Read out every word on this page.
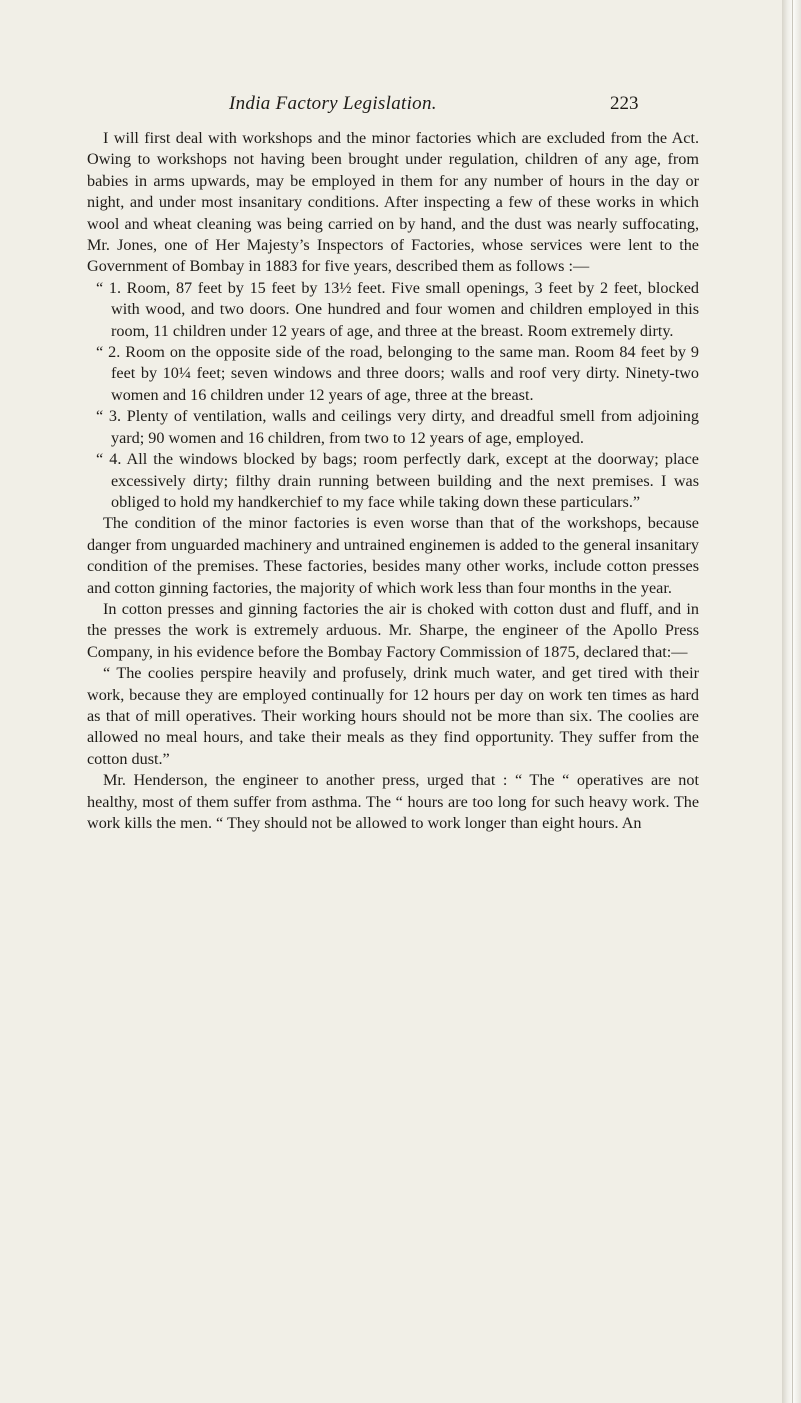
India Factory Legislation.	223

I will first deal with workshops and the minor factories which are excluded from the Act. Owing to workshops not having been brought under regulation, children of any age, from babies in arms upwards, may be employed in them for any number of hours in the day or night, and under most insanitary conditions. After inspecting a few of these works in which wool and wheat cleaning was being carried on by hand, and the dust was nearly suffocating, Mr. Jones, one of Her Majesty’s Inspectors of Factories, whose services were lent to the Government of Bombay in 1883 for five years, described them as follows :—

“ 1. Room, 87 feet by 15 feet by 13½ feet. Five small openings, 3 feet by 2 feet, blocked with wood, and two doors. One hundred and four women and children employed in this room, 11 children under 12 years of age, and three at the breast. Room extremely dirty.

“ 2. Room on the opposite side of the road, belonging to the same man. Room 84 feet by 9 feet by 10¼ feet; seven windows and three doors; walls and roof very dirty. Ninety-two women and 16 children under 12 years of age, three at the breast.

“ 3. Plenty of ventilation, walls and ceilings very dirty, and dreadful smell from adjoining yard; 90 women and 16 children, from two to 12 years of age, employed.

“ 4. All the windows blocked by bags; room perfectly dark, except at the doorway; place excessively dirty; filthy drain running between building and the next premises. I was obliged to hold my handkerchief to my face while taking down these particulars.”

The condition of the minor factories is even worse than that of the workshops, because danger from unguarded machinery and untrained enginemen is added to the general insanitary condition of the premises. These factories, besides many other works, include cotton presses and cotton ginning factories, the majority of which work less than four months in the year.

In cotton presses and ginning factories the air is choked with cotton dust and fluff, and in the presses the work is extremely arduous. Mr. Sharpe, the engineer of the Apollo Press Company, in his evidence before the Bombay Factory Commission of 1875, declared that:—

“ The coolies perspire heavily and profusely, drink much water, and get tired with their work, because they are employed continually for 12 hours per day on work ten times as hard as that of mill operatives. Their working hours should not be more than six. The coolies are allowed no meal hours, and take their meals as they find opportunity. They suffer from the cotton dust.”

Mr. Henderson, the engineer to another press, urged that : “ The “ operatives are not healthy, most of them suffer from asthma. The “ hours are too long for such heavy work. The work kills the men. “ They should not be allowed to work longer than eight hours. An
